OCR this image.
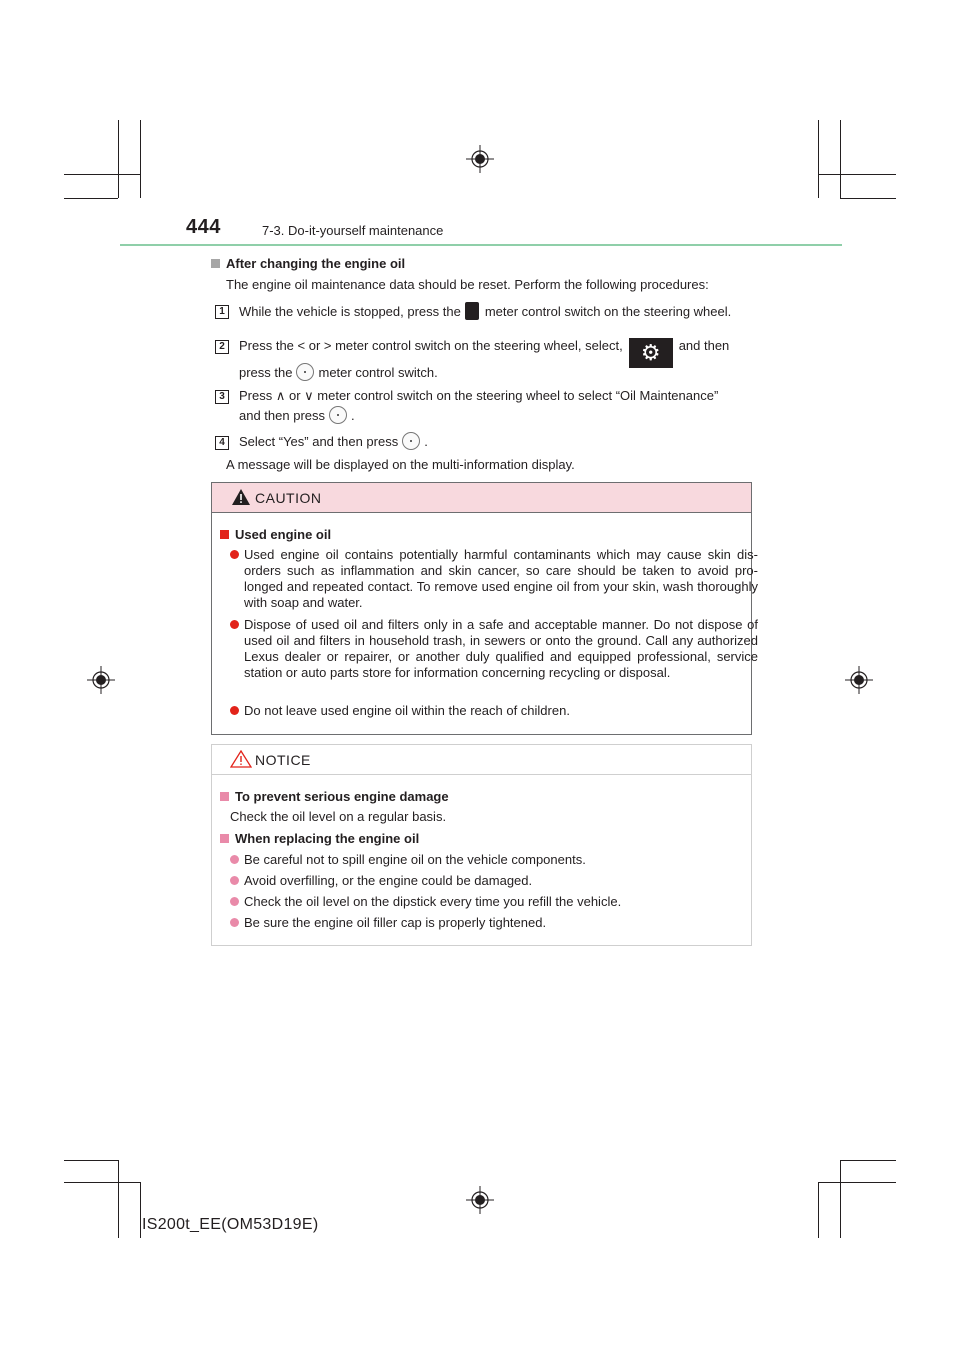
444	7-3. Do-it-yourself maintenance
After changing the engine oil
The engine oil maintenance data should be reset. Perform the following procedures:
1	While the vehicle is stopped, press the meter control switch on the steering wheel.
2	Press the < or > meter control switch on the steering wheel, select, ⚙ and then
press the meter control switch.
3	Press ∧ or ∨ meter control switch on the steering wheel to select “Oil Maintenance”
and then press .
4	Select “Yes” and then press .
A message will be displayed on the multi-information display.
CAUTION
Used engine oil
Used engine oil contains potentially harmful contaminants which may cause skin dis-orders such as inflammation and skin cancer, so care should be taken to avoid pro-longed and repeated contact. To remove used engine oil from your skin, wash thoroughly with soap and water.
Dispose of used oil and filters only in a safe and acceptable manner. Do not dispose of used oil and filters in household trash, in sewers or onto the ground. Call any authorized Lexus dealer or repairer, or another duly qualified and equipped professional, service station or auto parts store for information concerning recycling or disposal.
Do not leave used engine oil within the reach of children.
NOTICE
To prevent serious engine damage
Check the oil level on a regular basis.
When replacing the engine oil
Be careful not to spill engine oil on the vehicle components.
Avoid overfilling, or the engine could be damaged.
Check the oil level on the dipstick every time you refill the vehicle.
Be sure the engine oil filler cap is properly tightened.
IS200t_EE(OM53D19E)
